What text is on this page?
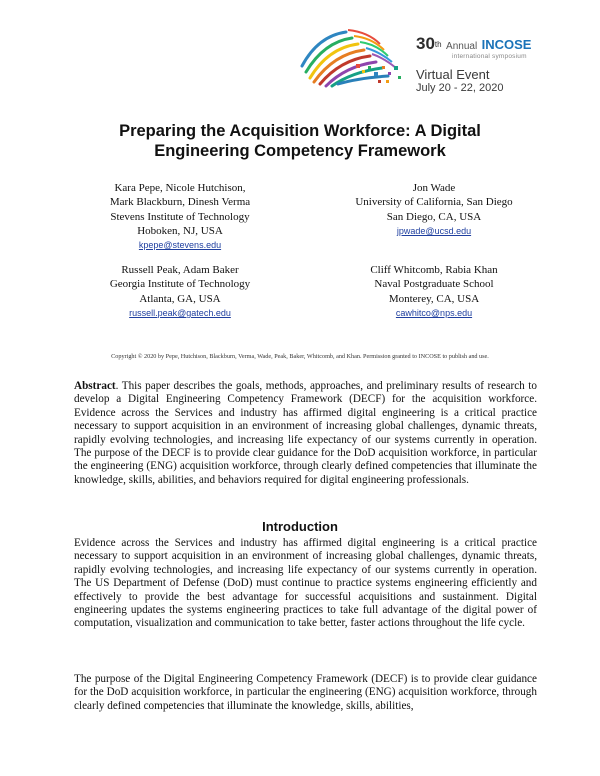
30th Annual INCOSE
international symposium
Virtual Event
July 20 - 22, 2020
Preparing the Acquisition Workforce: A Digital
Engineering Competency Framework
Kara Pepe, Nicole Hutchison,
Mark Blackburn, Dinesh Verma
Stevens Institute of Technology
Hoboken, NJ, USA
kpepe@stevens.edu
Jon Wade
University of California, San Diego
San Diego, CA, USA
jpwade@ucsd.edu
Russell Peak, Adam Baker
Georgia Institute of Technology
Atlanta, GA, USA
russell.peak@gatech.edu
Cliff Whitcomb, Rabia Khan
Naval Postgraduate School
Monterey, CA, USA
cawhitco@nps.edu
Copyright © 2020 by Pepe, Hutchison, Blackburn, Verma, Wade, Peak, Baker, Whitcomb, and Khan. Permission granted to INCOSE to publish and use.
Abstract. This paper describes the goals, methods, approaches, and preliminary results of research to develop a Digital Engineering Competency Framework (DECF) for the acquisition workforce. Evidence across the Services and industry has affirmed digital engineering is a critical practice necessary to support acquisition in an environment of increasing global challenges, dynamic threats, rapidly evolving technologies, and increasing life expectancy of our systems currently in operation. The purpose of the DECF is to provide clear guidance for the DoD acquisition workforce, in particular the engineering (ENG) acquisition workforce, through clearly defined competencies that illuminate the knowledge, skills, abilities, and behaviors required for digital engineering professionals.
Introduction
Evidence across the Services and industry has affirmed digital engineering is a critical practice necessary to support acquisition in an environment of increasing global challenges, dynamic threats, rapidly evolving technologies, and increasing life expectancy of our systems currently in operation. The US Department of Defense (DoD) must continue to practice systems engineering efficiently and effectively to provide the best advantage for successful acquisitions and sustainment. Digital engineering updates the systems engineering practices to take full advantage of the digital power of computation, visualization and communication to take better, faster actions throughout the life cycle.
The purpose of the Digital Engineering Competency Framework (DECF) is to provide clear guidance for the DoD acquisition workforce, in particular the engineering (ENG) acquisition workforce, through clearly defined competencies that illuminate the knowledge, skills, abilities,
